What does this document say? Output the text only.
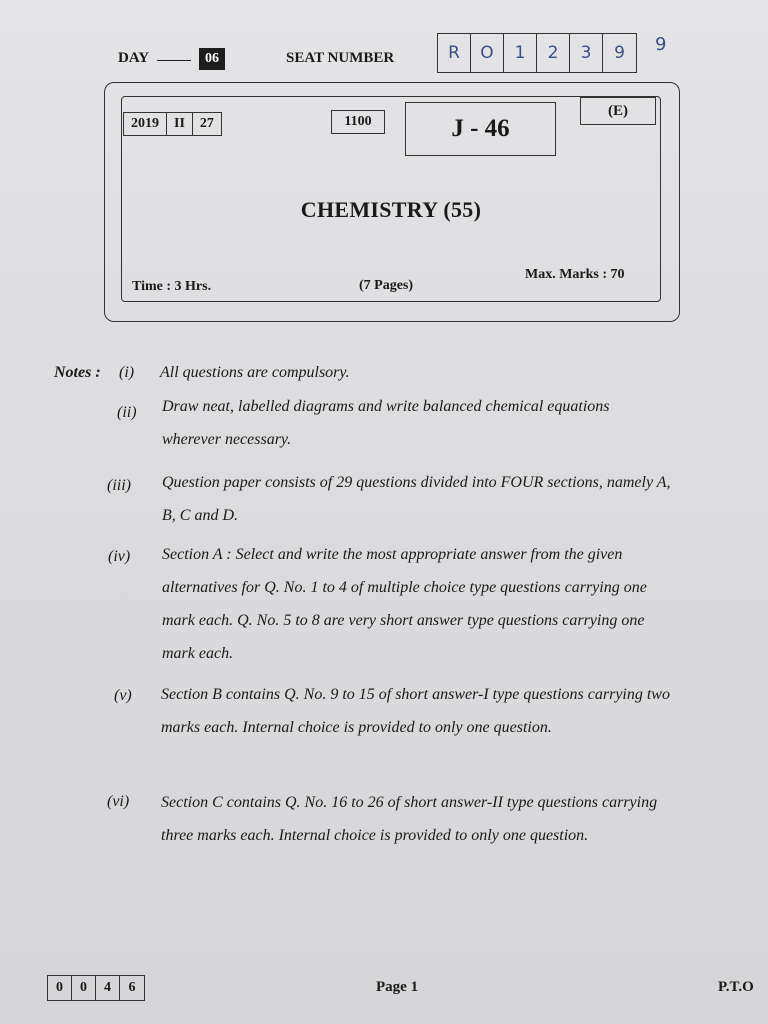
DAY	06	SEAT NUMBER	R	O	1	2	3	9	9
2019	II	27	1100	J - 46
(E)
CHEMISTRY (55)
Time : 3 Hrs.	(7 Pages)
Max. Marks : 70
Notes : (i) All questions are compulsory.
(ii) Draw neat, labelled diagrams and write balanced chemical equations wherever necessary.
(iii) Question paper consists of 29 questions divided into FOUR sections, namely A, B, C and D.
(iv) Section A : Select and write the most appropriate answer from the given alternatives for Q. No. 1 to 4 of multiple choice type questions carrying one mark each. Q. No. 5 to 8 are very short answer type questions carrying one mark each.
(v) Section B contains Q. No. 9 to 15 of short answer-I type questions carrying two marks each. Internal choice is provided to only one question.
(vi) Section C contains Q. No. 16 to 26 of short answer-II type questions carrying three marks each. Internal choice is provided to only one question.
0	0	4	6	Page 1	P.T.O
